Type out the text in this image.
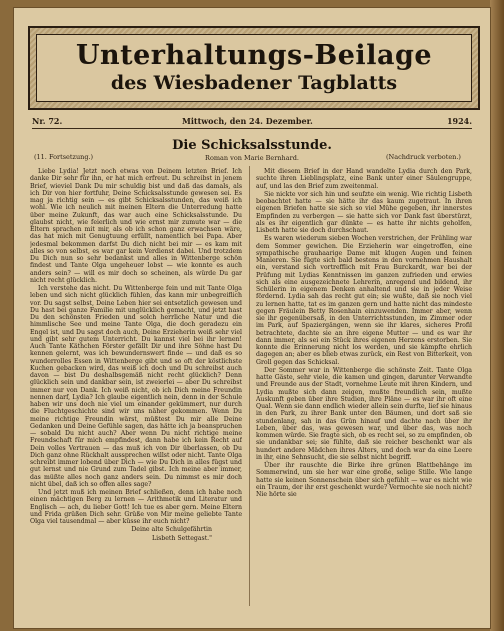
Unterhaltungs-Beilage
des Wiesbadener Tagblatts
Nr. 72.	Mittwoch, den 24. Dezember.	1924.
Die Schicksalsstunde.
Roman von Marie Bernhard.
(11. Fortsetzung.)	(Nachdruck verboten.)

Liebe Lydia! Jetzt noch etwas von Deinem letzten Brief. Ich danke Dir sehr für ihn, er hat mich erfreut. Du schreibst in jenem Brief, wieviel Dank Du mir schuldig bist und daß das damals, als ich Dir von hier fortfuhr, Deine Schicksalsstunde gewesen sei. Es mag ja richtig sein — es gibt Schicksalsstunden, das weiß ich wohl. Wie ich neulich mit meinen Eltern die Unterredung hatte über meine Zukunft, das war auch eine Schicksalsstunde. Du glaubst nicht, wie feierlich und wie ernst mir zumute war — die Eltern sprachen mit mir, als ob ich schon ganz erwachsen wäre, das hat mich mit Genugtuung erfüllt, namentlich bei Papa. Aber jedesmal bekommen darfst Du dich nicht bei mir — es kam mit alles so von selbst, es war gar kein Verdienst dabei. Und trotzdem Du Dich nun so sehr bedankst und alles in Wittenberge schön findest und Tante Olga ungeheuer lobst — wie konnte es auch anders sein? — will es mir doch so scheinen, als würde Du gar nicht recht glücklich.

Ich verstehe das nicht. Du Wittenberge fein und mit Tante Olga leben und sich nicht glücklich fühlen, das kann mir unbegreiflich vor. Du sagst selbst, Deine Leben hier sei entsetzlich gewesen und Du hast bei ganze Familie mit unglücklich gemacht, und jetzt hast Du den schönsten Frieden und solch herrliche Natur und die himmlische See und meine Tante Olga, die doch geradezu ein Engel ist, und Du sagst doch auch, Deine Erzieherin weiß sehr viel und gibt sehr gutem Unterricht. Du kannst viel bei ihr lernen! Auch Tante Käthchen Förster gefällt Dir und ihre Söhne hast Du kennen gelernt, was ich bewundernswert finde — und daß es so wunderrolles Essen in Wittenberge gibt und so oft der köstlichste Kuchen gebacken wird, das weiß ich doch und Du schreibst auch davon — bist Du deshalbsgemäß nicht recht glücklich? Denn glücklich sein und dankbar sein, ist zweierlei — aber Du schreibst immer nur von Dank. Ich weiß nicht, ob ich Dich meine Freundin nennen darf, Lydia? Ich glaube eigentlich nein, denn in der Schule haben wir uns doch nie viel um einander gekümmert, nur durch die Fluchtgeschichte sind wir uns näher gekommen. Wenn Du meine richtige Freundin wärst, müßtest Du mir alle Deine Gedanken und Deine Gefühle sagen, das hätte ich ja beanspruchen — sobald Du nicht auch? Aber wenn Du nicht richtige meine Freundschaft für mich empfindest, dann habe ich kein Recht auf Dein volles Vertrauen — das muß ich von Dir überlassen, ob Du Dich ganz ohne Rückhalt aussprechen willst oder nicht. Tante Olga schreibt immer lobend über Dich — wie Du Dich in alles fügst und gut lernst und nie Grund zum Tadel gibst. Ich meine aber immer, das müßte alles noch ganz anders sein. Du nimmst es mir doch nicht übel, daß ich so offen alles sage?

Und jetzt muß ich meinen Brief schließen, denn ich habe noch einen mächtigen Berg zu lernen — Arithmetik und Literatur und Englisch — ach, du lieber Gott! Ich tue es aber gern. Meine Eltern und Frida grüßen Dich sehr. Grüße von Mir meine geliebte Tante Olga viel tausendmal — aber küsse ihr euch nicht?

Deine alte Schulgefährtin

Lisbeth Settegast."

Mit diesem Brief in der Hand wandelte Lydia durch den Park, suchte ihren Lieblingsplatz, eine Bank unter einer Säulengruppe, auf, und las den Brief zum zweitenmal.

Sie nickte vor sich hin und seufzte ein wenig. Wie richtig Lisbeth beobachtet hatte — sie hätte ihr das kaum zugetraut. In ihren eigenen Briefen hatte sie sich so viel Mühe gegeben, ihr innerstes Empfinden zu verbergen — sie hatte sich vor Dank fast überstürzt, als es ihr eigentlich gar dünkte — es hatte ihr nichts geholfen, Lisbeth hatte sie doch durchschaut.

Es waren wiederum sieben Wochen verstrichen, der Frühling war dem Sommer gewichen. Die Erzieherin war eingetroffen, eine sympathische grauhaarige Dame mit klugen Augen und feinen Manieren. Sie fügte sich bald bestens in den vornehmen Haushalt ein, verstand sich vortrefflich mit Frau Burckardt, war bei der Prüfung mit Lydias Kenntnissen im ganzen zufrieden und erwies sich als eine ausgezeichnete Lehrerin, anregend und bildend, ihr Schülerin in eigenem Denken anhaltend und sie in jeder Weise fördernd. Lydia sah das recht gut ein; sie wußte, daß sie noch viel zu lernen hatte, tat es im ganzen gern und hatte nicht das mindeste gegen Fräulein Betty Rosenhain einzuwenden. Immer aber, wenn sie ihr gegenübersaß, in den Unterrichtsstunden, im Zimmer oder im Park, auf Spaziergängen, wenn sie ihr klares, sicheres Profil betrachtete, dachte sie an ihre eigene Mutter — und es war ihr dann immer, als sei ein Stück ihres eigenen Herzens erstorben. Sie konnte die Erinnerung nicht los werden, und sie kämpfte ehrlich dagegen an; aber es blieb etwas zurück, ein Rest von Bitterkeit, von Groll gegen das Schicksal.

Der Sommer war in Wittenberge die schönste Zeit. Tante Olga hatte Gäste, sehr viele, die kamen und gingen, darunter Verwandte und Freunde aus der Stadt, vornehme Leute mit ihren Kindern, und Lydia mußte sich dann zeigen, mußte freundlich sein, mußte Auskunft geben über ihre Studien, ihre Pläne — es war ihr oft eine Qual. Wenn sie dann endlich wieder allein sein durfte, lief sie hinaus in den Park, zu ihrer Bank unter den Bäumen, und dort saß sie stundenlang, sah in das Grün hinauf und dachte nach über ihr Leben, über das, was gewesen war, und über das, was noch kommen würde. Sie fragte sich, ob es recht sei, so zu empfinden, ob sie undankbar sei; sie fühlte, daß sie reicher beschenkt war als hundert andere Mädchen ihres Alters, und doch war da eine Leere in ihr, eine Sehnsucht, die sie selbst nicht begriff.

Über ihr rauschte die Birke ihre grünen Blattbehänge im Sommerwind, um sie her war eine große, selige Stille. Wie lange hatte sie keinen Sonnenschein über sich gefühlt — war es nicht wie ein Traum, der ihr erst geschenkt wurde? Vermochte sie noch nicht? Nie hörte sie
